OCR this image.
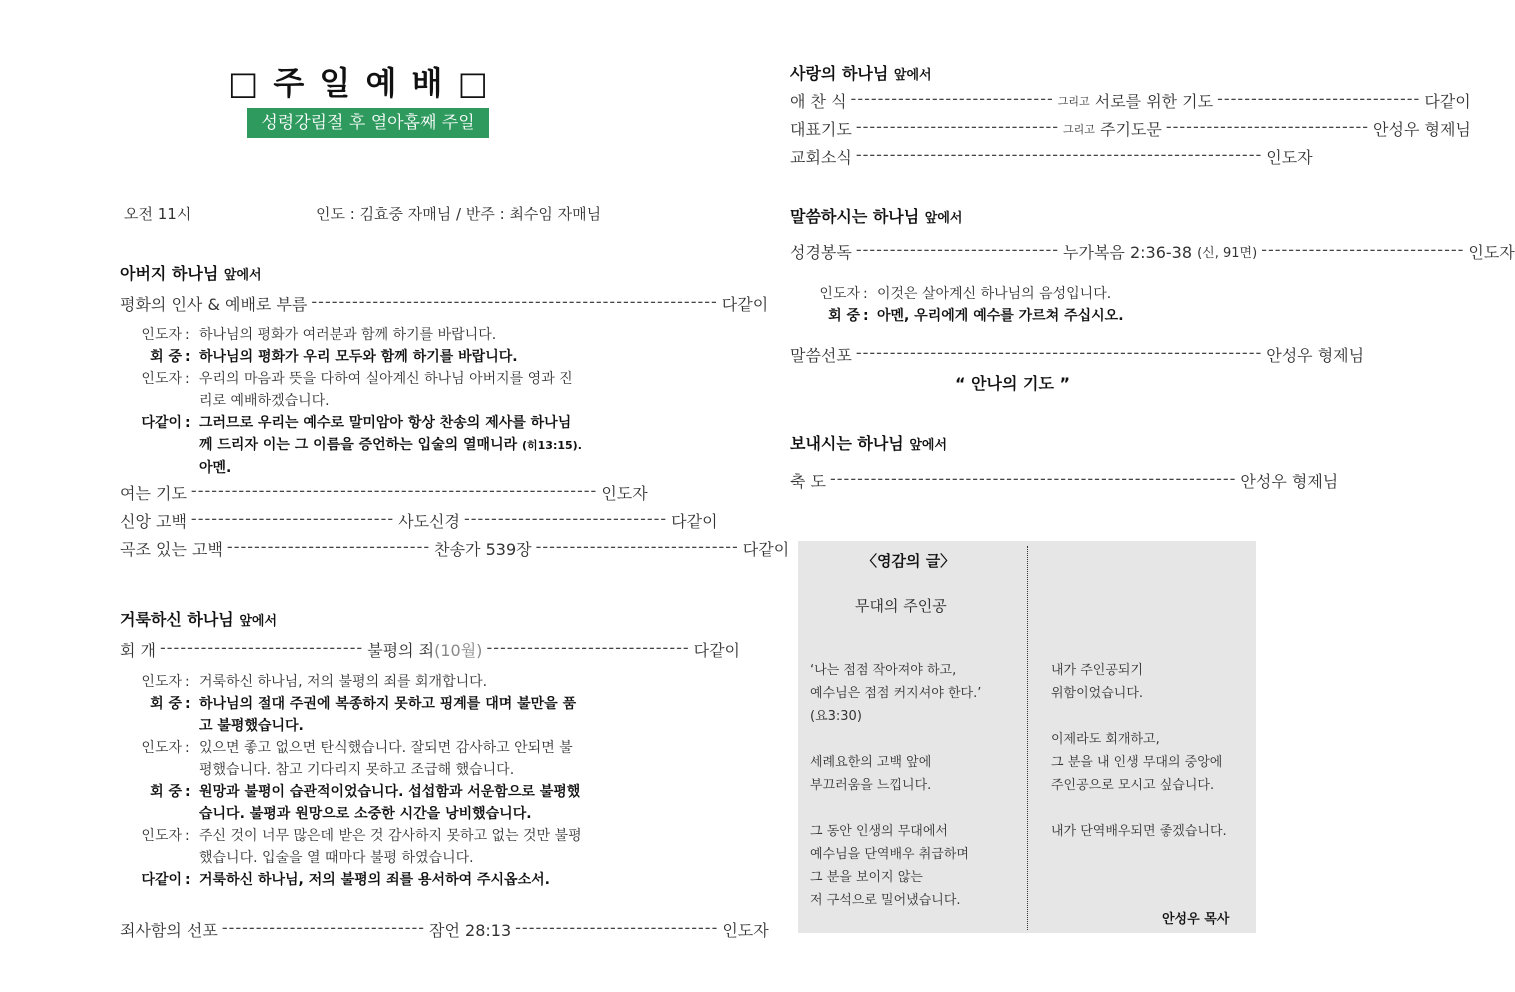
□ 주 일 예 배 □
성령강림절 후 열아홉째 주일
오전 11시	인도 : 김효중 자매님 / 반주 : 최수임 자매님
아버지 하나님 앞에서
평화의 인사 & 예배로 부름 ------------------------------------------------------------ 다같이
인도자 : 하나님의 평화가 여러분과 함께 하기를 바랍니다.
회 중 : 하나님의 평화가 우리 모두와 함께 하기를 바랍니다.
인도자 : 우리의 마음과 뜻을 다하여 실아계신 하나님 아버지를 영과 진리로 예배하겠습니다.
다같이 : 그러므로 우리는 예수로 말미암아 항상 찬송의 제사를 하나님께 드리자 이는 그 이름을 증언하는 입술의 열매니라 (히13:15). 아멘.
여는 기도 ------------------------------------------------------------ 인도자
신앙 고백 ------------------------------ 사도신경 ------------------------------ 다같이
곡조 있는 고백 ------------------------------ 찬송가 539장 ------------------------------ 다같이
거룩하신 하나님 앞에서
회 개 ------------------------------ 불평의 죄 (10월) ------------------------------ 다같이
인도자 : 거룩하신 하나님, 저의 불평의 죄를 회개합니다.
회 중 : 하나님의 절대 주권에 복종하지 못하고 핑계를 대며 불만을 품고 불평했습니다.
인도자 : 있으면 좋고 없으면 탄식했습니다. 잘되면 감사하고 안되면 불평했습니다. 참고 기다리지 못하고 조급해 했습니다.
회 중 : 원망과 불평이 습관적이었습니다. 섭섭함과 서운함으로 불평했습니다. 불평과 원망으로 소중한 시간을 낭비했습니다.
인도자 : 주신 것이 너무 많은데 받은 것 감사하지 못하고 없는 것만 불평했습니다. 입술을 열 때마다 불평 하였습니다.
다같이 : 거룩하신 하나님, 저의 불평의 죄를 용서하여 주시옵소서.
죄사함의 선포 ------------------------------ 잠언 28:13 ------------------------------ 인도자
사랑의 하나님 앞에서
애 찬 식 ------------------------------ 그리고
서로를 위한 기도 ------------------------------ 다같이
대표기도 ------------------------------ 그리고
주기도문 ------------------------------ 안성우 형제님
교회소식 ------------------------------------------------------------ 인도자
말씀하시는 하나님 앞에서
성경봉독 ------------------------------ 누가복음 2:36-38
(신, 91면) ------------------------------ 인도자
인도자 : 이것은 살아계신 하나님의 음성입니다.
회 중 : 아멘, 우리에게 예수를 가르쳐 주십시오.
말씀선포 ------------------------------------------------------------ 안성우 형제님
“ 안나의 기도 ”
보내시는 하나님 앞에서
축 도 ------------------------------------------------------------ 안성우 형제님
〈영감의 글〉
무대의 주인공
‘나는 점점 작아져야 하고,
예수님은 점점 커지셔야 한다.’
(요3:30)
세례요한의 고백 앞에
부끄러움을 느낍니다.
그 동안 인생의 무대에서
예수님을 단역배우 취급하며
그 분을 보이지 않는
저 구석으로 밀어냈습니다.
내가 주인공되기
위함이었습니다.
이제라도 회개하고,
그 분을 내 인생 무대의 중앙에
주인공으로 모시고 싶습니다.
내가 단역배우되면 좋겠습니다.
안성우 목사
